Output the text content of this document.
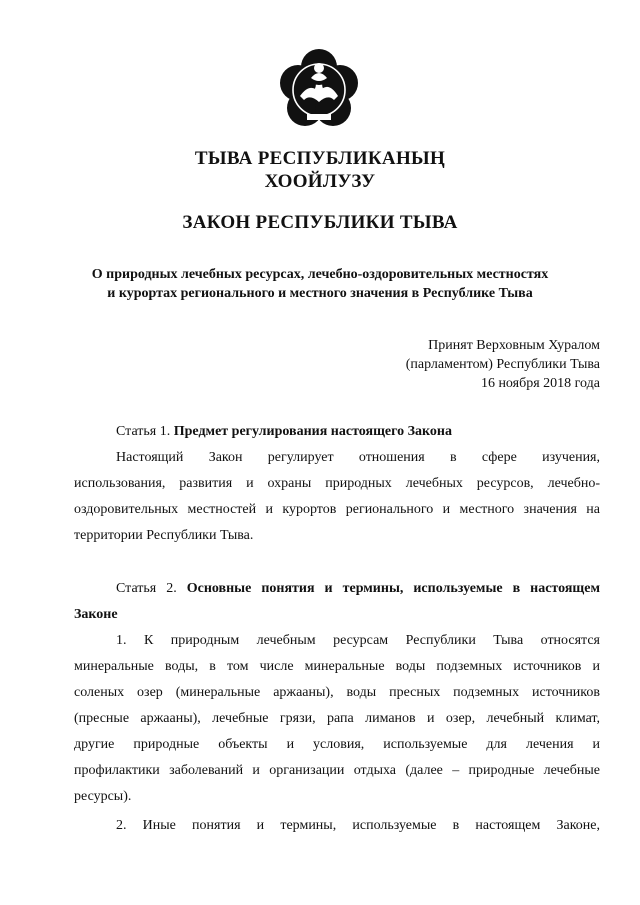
ТЫВА РЕСПУБЛИКАНЫҢ
ХООЙЛУЗУ
ЗАКОН РЕСПУБЛИКИ ТЫВА
О природных лечебных ресурсах, лечебно-оздоровительных местностях
и курортах регионального и местного значения в Республике Тыва
Принят Верховным Хуралом
(парламентом) Республики Тыва
16 ноября 2018 года
Статья 1. Предмет регулирования настоящего Закона
Настоящий Закон регулирует отношения в сфере изучения,
использования, развития и охраны природных лечебных ресурсов, лечебно-
оздоровительных местностей и курортов регионального и местного значения на
территории Республики Тыва.
Статья 2. Основные понятия и термины, используемые в настоящем
Законе
1. К природным лечебным ресурсам Республики Тыва относятся
минеральные воды, в том числе минеральные воды подземных источников и
соленых озер (минеральные аржааны), воды пресных подземных источников
(пресные аржааны), лечебные грязи, рапа лиманов и озер, лечебный климат,
другие природные объекты и условия, используемые для лечения и
профилактики заболеваний и организации отдыха (далее – природные лечебные
ресурсы).
2. Иные понятия и термины, используемые в настоящем Законе,
